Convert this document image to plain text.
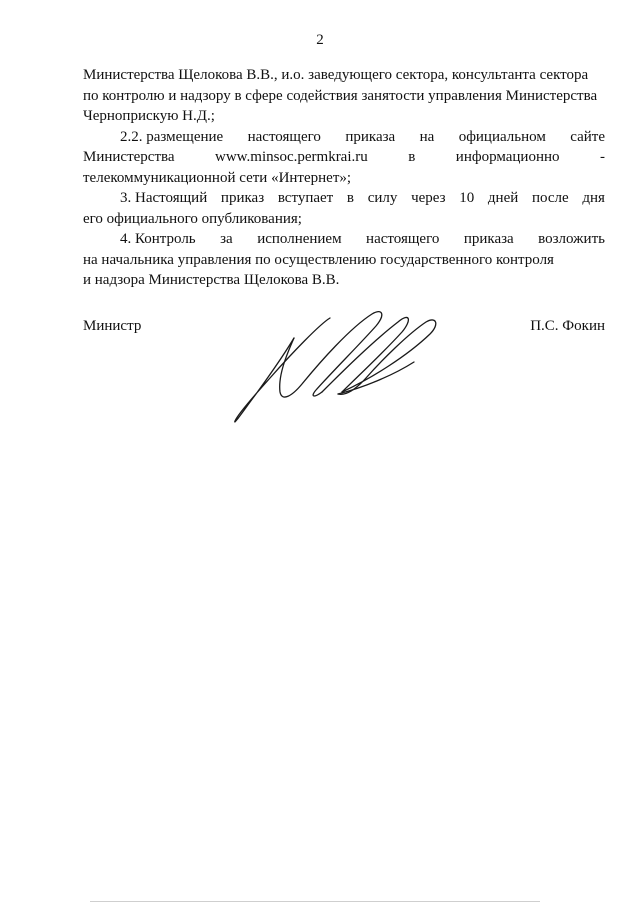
2
Министерства Щелокова В.В., и.о. заведующего сектора, консультанта сектора
по контролю и надзору в сфере содействия занятости управления Министерства
Черноприскую Н.Д.;
2.2. размещение настоящего приказа на официальном сайте
Министерства	www.minsoc.permkrai.ru	в	информационно	-
телекоммуникационной сети «Интернет»;
3. Настоящий приказ вступает в силу через 10 дней после дня
его официального опубликования;
4. Контроль за исполнением настоящего приказа возложить
на начальника управления по осуществлению государственного контроля
и надзора Министерства Щелокова В.В.
Министр	П.С. Фокин
